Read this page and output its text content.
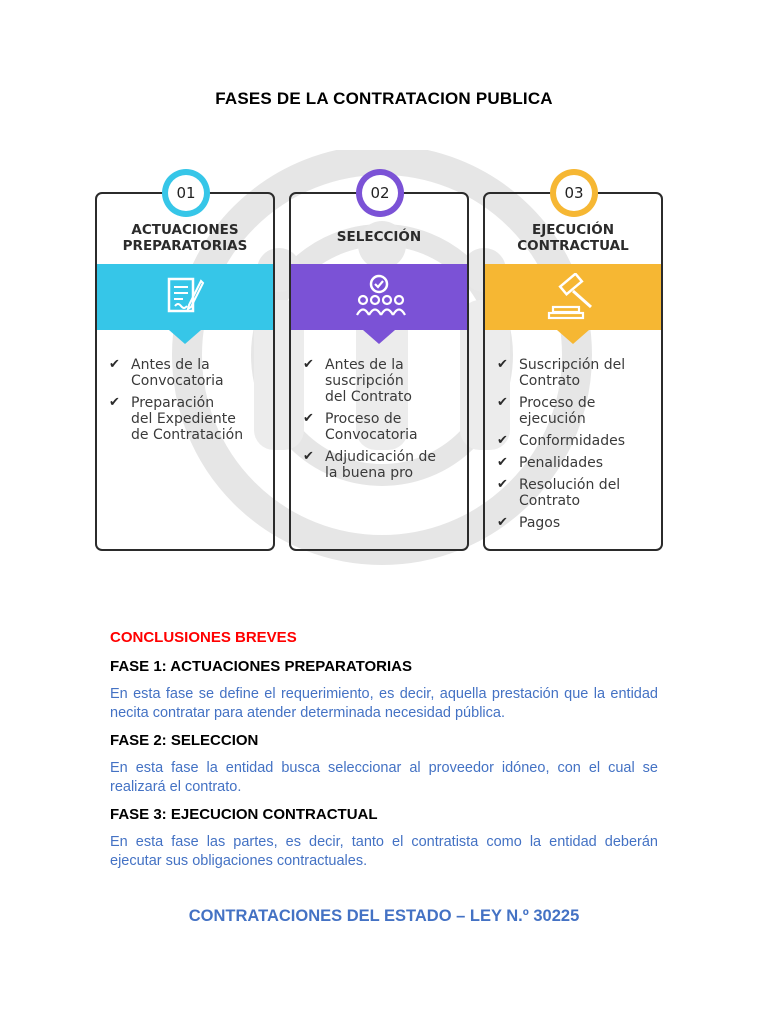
FASES DE LA CONTRATACION PUBLICA
01
ACTUACIONES
PREPARATORIAS
✔ Antes de la
Convocatoria
✔ Preparación
del Expediente
de Contratación
02
SELECCIÓN
✔ Antes de la
suscripción
del Contrato
✔ Proceso de
Convocatoria
✔ Adjudicación de
la buena pro
03
EJECUCIÓN
CONTRACTUAL
✔ Suscripción del
Contrato
✔ Proceso de
ejecución
✔ Conformidades
✔ Penalidades
✔ Resolución del
Contrato
✔ Pagos
CONCLUSIONES BREVES
FASE 1: ACTUACIONES PREPARATORIAS
En esta fase se define el requerimiento, es decir, aquella prestación que la entidad necita contratar para atender determinada necesidad pública.
FASE 2: SELECCION
En esta fase la entidad busca seleccionar al proveedor idóneo, con el cual se realizará el contrato.
FASE 3: EJECUCION CONTRACTUAL
En esta fase las partes, es decir, tanto el contratista como la entidad deberán ejecutar sus obligaciones contractuales.
CONTRATACIONES DEL ESTADO – LEY N.º 30225
